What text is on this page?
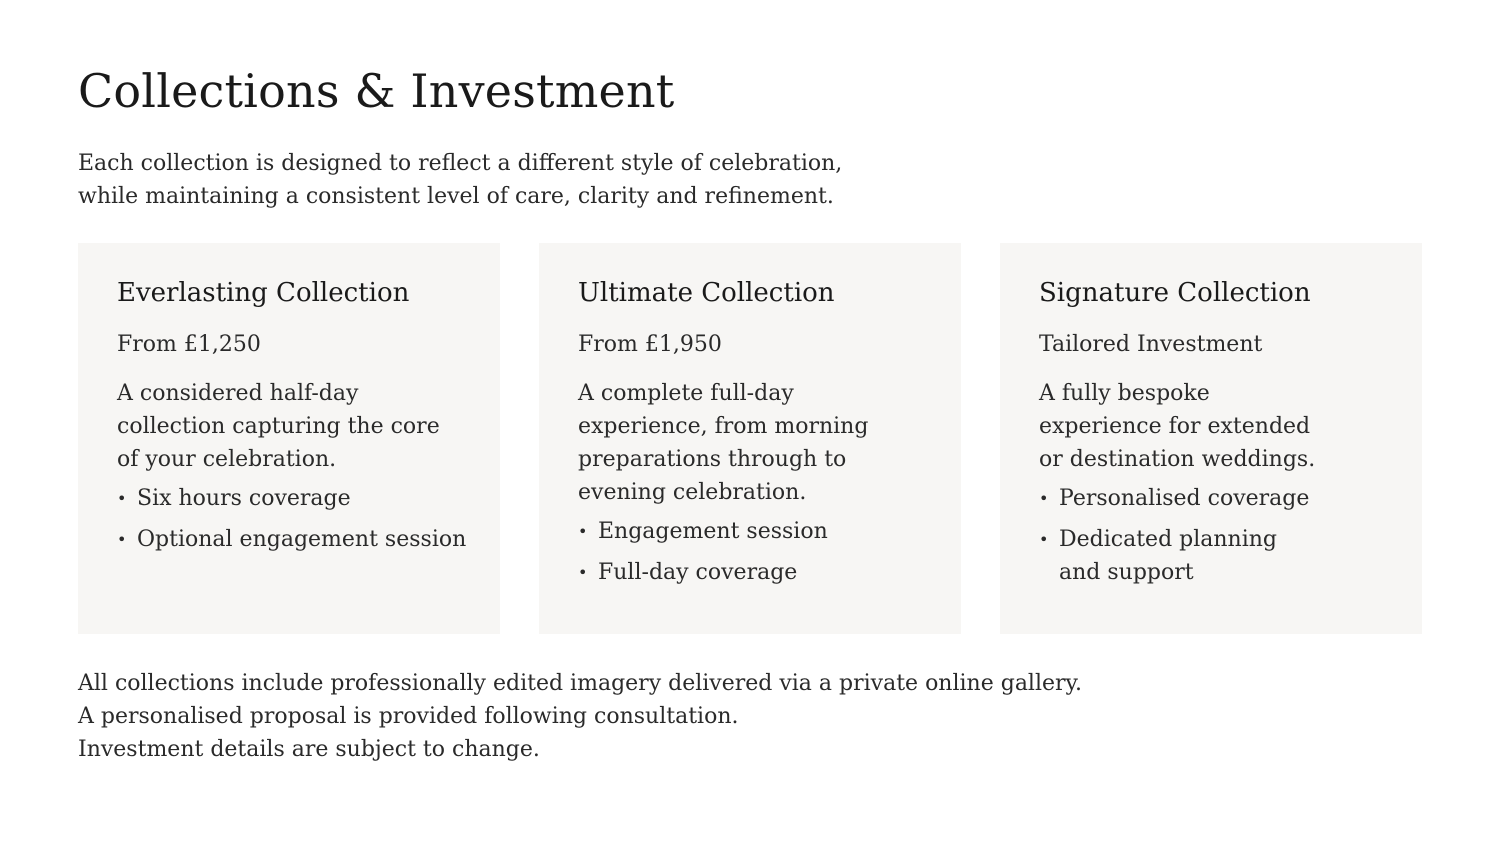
Collections & Investment

Each collection is designed to reflect a different style of celebration,
while maintaining a consistent level of care, clarity and refinement.

Everlasting Collection

From £1,250

A considered half-day
collection capturing the core
of your celebration.

• Six hours coverage
• Optional engagement session
Ultimate Collection

From £1,950

A complete full-day
experience, from morning
preparations through to
evening celebration.

• Engagement session
• Full-day coverage
Signature Collection

Tailored Investment

A fully bespoke
experience for extended
or destination weddings.

• Personalised coverage
• Dedicated planning
and support

All collections include professionally edited imagery delivered via a private online gallery.
A personalised proposal is provided following consultation.
Investment details are subject to change.
